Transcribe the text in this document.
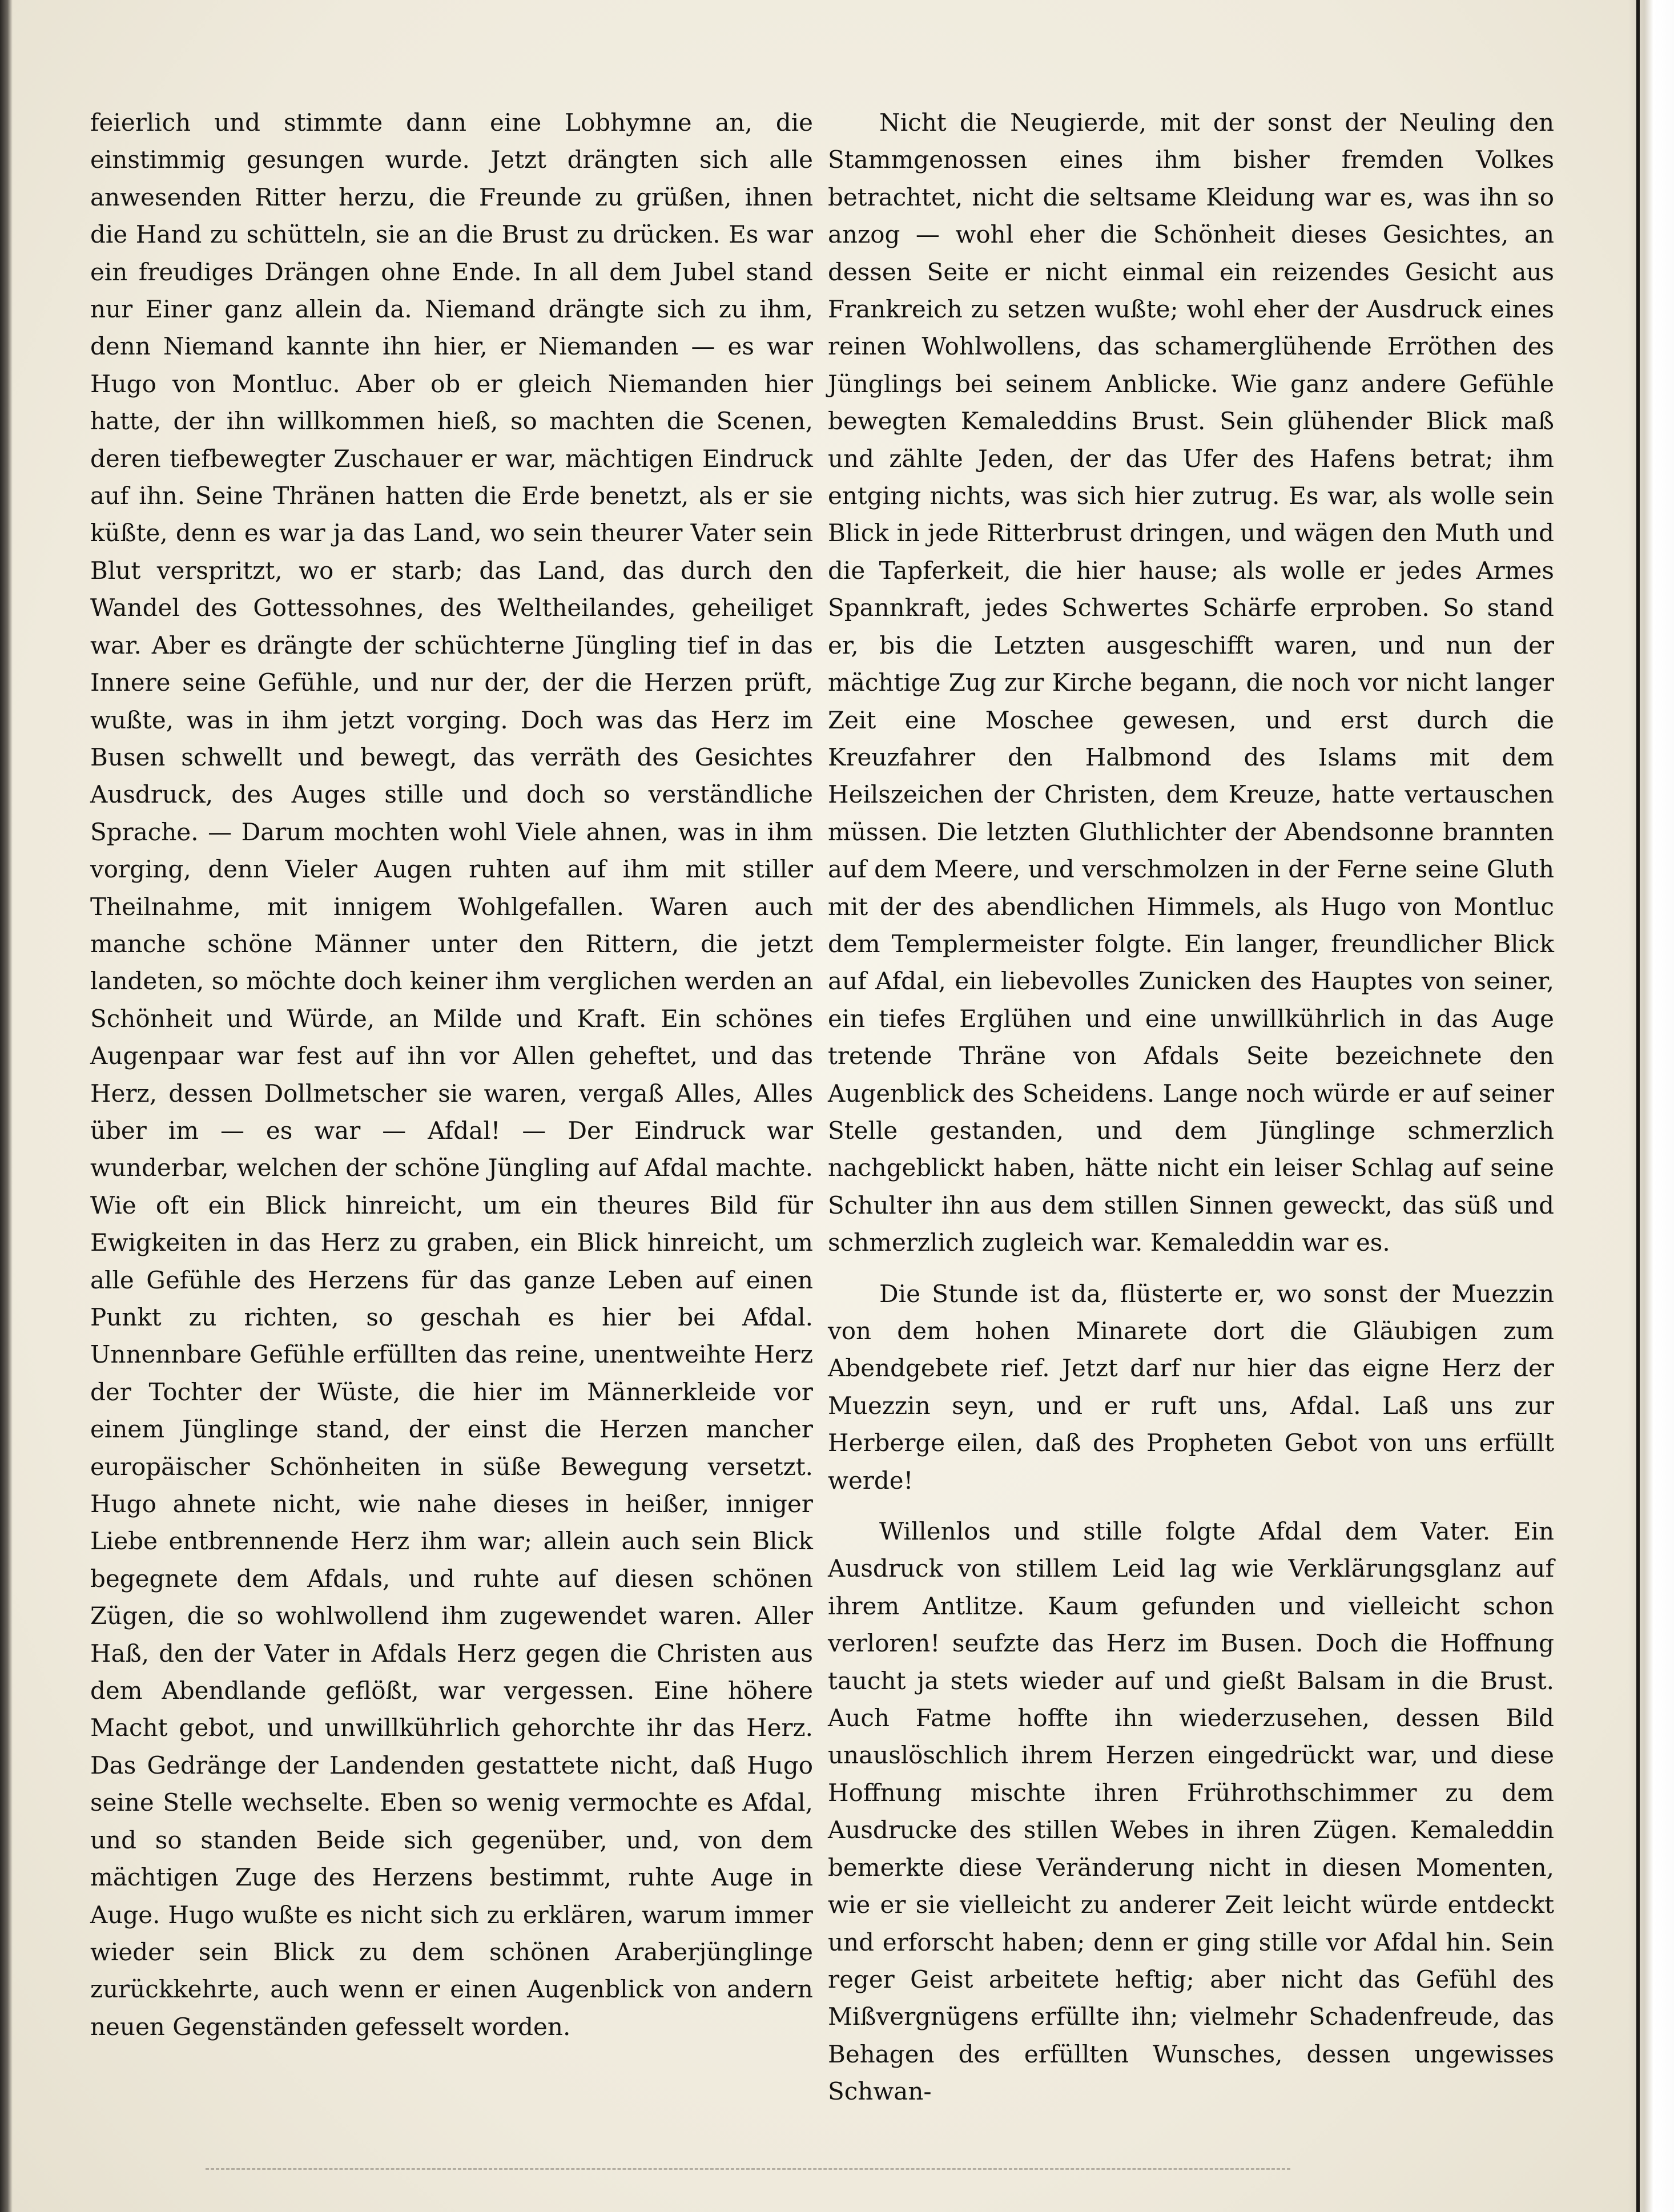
feierlich und stimmte dann eine Lobhymne an, die einstimmig gesungen wurde. Jetzt drängten sich alle anwesenden Ritter herzu, die Freunde zu grüßen, ihnen die Hand zu schütteln, sie an die Brust zu drücken. Es war ein freudiges Drängen ohne Ende. In all dem Jubel stand nur Einer ganz allein da. Niemand drängte sich zu ihm, denn Niemand kannte ihn hier, er Niemanden — es war Hugo von Montluc. Aber ob er gleich Niemanden hier hatte, der ihn willkommen hieß, so machten die Scenen, deren tiefbewegter Zuschauer er war, mächtigen Eindruck auf ihn. Seine Thränen hatten die Erde benetzt, als er sie küßte, denn es war ja das Land, wo sein theurer Vater sein Blut verspritzt, wo er starb; das Land, das durch den Wandel des Gottessohnes, des Weltheilandes, geheiliget war. Aber es drängte der schüchterne Jüngling tief in das Innere seine Gefühle, und nur der, der die Herzen prüft, wußte, was in ihm jetzt vorging. Doch was das Herz im Busen schwellt und bewegt, das verräth des Gesichtes Ausdruck, des Auges stille und doch so verständliche Sprache. — Darum mochten wohl Viele ahnen, was in ihm vorging, denn Vieler Augen ruhten auf ihm mit stiller Theilnahme, mit innigem Wohlgefallen. Waren auch manche schöne Männer unter den Rittern, die jetzt landeten, so möchte doch keiner ihm verglichen werden an Schönheit und Würde, an Milde und Kraft. Ein schönes Augenpaar war fest auf ihn vor Allen geheftet, und das Herz, dessen Dollmetscher sie waren, vergaß Alles, Alles über im — es war — Afdal! — Der Eindruck war wunderbar, welchen der schöne Jüngling auf Afdal machte. Wie oft ein Blick hinreicht, um ein theures Bild für Ewigkeiten in das Herz zu graben, ein Blick hinreicht, um alle Gefühle des Herzens für das ganze Leben auf einen Punkt zu richten, so geschah es hier bei Afdal. Unnennbare Gefühle erfüllten das reine, unentweihte Herz der Tochter der Wüste, die hier im Männerkleide vor einem Jünglinge stand, der einst die Herzen mancher europäischer Schönheiten in süße Bewegung versetzt. Hugo ahnete nicht, wie nahe dieses in heißer, inniger Liebe entbrennende Herz ihm war; allein auch sein Blick begegnete dem Afdals, und ruhte auf diesen schönen Zügen, die so wohlwollend ihm zugewendet waren. Aller Haß, den der Vater in Afdals Herz gegen die Christen aus dem Abendlande geflößt, war vergessen. Eine höhere Macht gebot, und unwillkührlich gehorchte ihr das Herz. Das Gedränge der Landenden gestattete nicht, daß Hugo seine Stelle wechselte. Eben so wenig vermochte es Afdal, und so standen Beide sich gegenüber, und, von dem mächtigen Zuge des Herzens bestimmt, ruhte Auge in Auge. Hugo wußte es nicht sich zu erklären, warum immer wieder sein Blick zu dem schönen Araberjünglinge zurückkehrte, auch wenn er einen Augenblick von andern neuen Gegenständen gefesselt worden.

Nicht die Neugierde, mit der sonst der Neuling den Stammgenossen eines ihm bisher fremden Volkes betrachtet, nicht die seltsame Kleidung war es, was ihn so anzog — wohl eher die Schönheit dieses Gesichtes, an dessen Seite er nicht einmal ein reizendes Gesicht aus Frankreich zu setzen wußte; wohl eher der Ausdruck eines reinen Wohlwollens, das schamerglühende Erröthen des Jünglings bei seinem Anblicke. Wie ganz andere Gefühle bewegten Kemaleddins Brust. Sein glühender Blick maß und zählte Jeden, der das Ufer des Hafens betrat; ihm entging nichts, was sich hier zutrug. Es war, als wolle sein Blick in jede Ritterbrust dringen, und wägen den Muth und die Tapferkeit, die hier hause; als wolle er jedes Armes Spannkraft, jedes Schwertes Schärfe erproben. So stand er, bis die Letzten ausgeschifft waren, und nun der mächtige Zug zur Kirche begann, die noch vor nicht langer Zeit eine Moschee gewesen, und erst durch die Kreuzfahrer den Halbmond des Islams mit dem Heilszeichen der Christen, dem Kreuze, hatte vertauschen müssen. Die letzten Gluthlichter der Abendsonne brannten auf dem Meere, und verschmolzen in der Ferne seine Gluth mit der des abendlichen Himmels, als Hugo von Montluc dem Templermeister folgte. Ein langer, freundlicher Blick auf Afdal, ein liebevolles Zunicken des Hauptes von seiner, ein tiefes Erglühen und eine unwillkührlich in das Auge tretende Thräne von Afdals Seite bezeichnete den Augenblick des Scheidens. Lange noch würde er auf seiner Stelle gestanden, und dem Jünglinge schmerzlich nachgeblickt haben, hätte nicht ein leiser Schlag auf seine Schulter ihn aus dem stillen Sinnen geweckt, das süß und schmerzlich zugleich war. Kemaleddin war es.

Die Stunde ist da, flüsterte er, wo sonst der Muezzin von dem hohen Minarete dort die Gläubigen zum Abendgebete rief. Jetzt darf nur hier das eigne Herz der Muezzin seyn, und er ruft uns, Afdal. Laß uns zur Herberge eilen, daß des Propheten Gebot von uns erfüllt werde!

Willenlos und stille folgte Afdal dem Vater. Ein Ausdruck von stillem Leid lag wie Verklärungsglanz auf ihrem Antlitze. Kaum gefunden und vielleicht schon verloren! seufzte das Herz im Busen. Doch die Hoffnung taucht ja stets wieder auf und gießt Balsam in die Brust. Auch Fatme hoffte ihn wiederzusehen, dessen Bild unauslöschlich ihrem Herzen eingedrückt war, und diese Hoffnung mischte ihren Frührothschimmer zu dem Ausdrucke des stillen Webes in ihren Zügen. Kemaleddin bemerkte diese Veränderung nicht in diesen Momenten, wie er sie vielleicht zu anderer Zeit leicht würde entdeckt und erforscht haben; denn er ging stille vor Afdal hin. Sein reger Geist arbeitete heftig; aber nicht das Gefühl des Mißvergnügens erfüllte ihn; vielmehr Schadenfreude, das Behagen des erfüllten Wunsches, dessen ungewisses Schwan-
